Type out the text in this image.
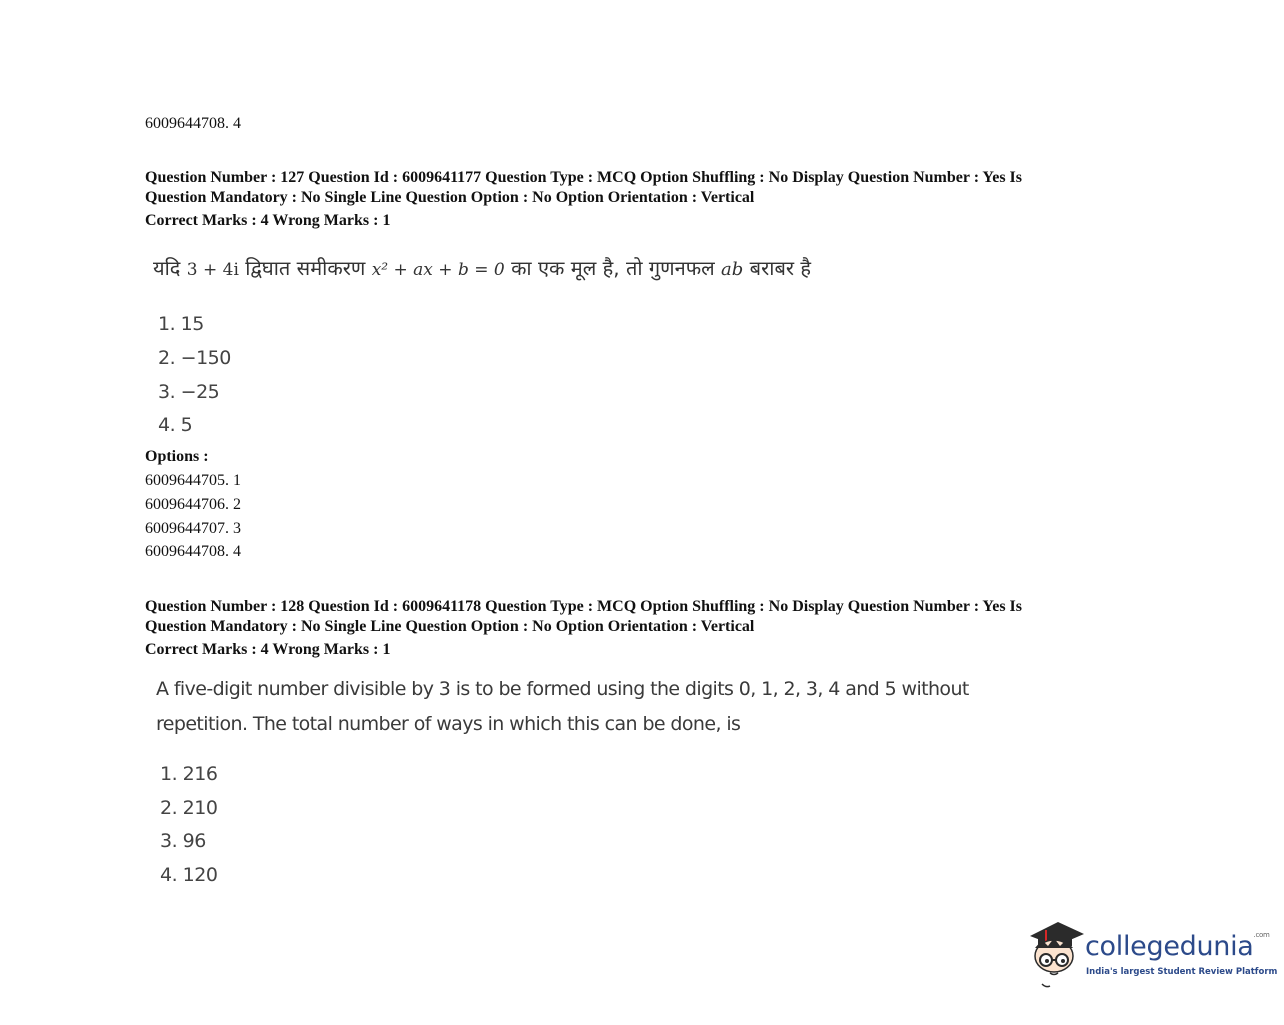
6009644708. 4
Question Number : 127 Question Id : 6009641177 Question Type : MCQ Option Shuffling : No Display Question Number : Yes Is
Question Mandatory : No Single Line Question Option : No Option Orientation : Vertical
Correct Marks : 4 Wrong Marks : 1
यदि 3 + 4i द्विघात समीकरण x² + ax + b = 0 का एक मूल है, तो गुणनफल ab बराबर है
1. 15
2. −150
3. −25
4. 5
Options :
6009644705. 1
6009644706. 2
6009644707. 3
6009644708. 4
Question Number : 128 Question Id : 6009641178 Question Type : MCQ Option Shuffling : No Display Question Number : Yes Is
Question Mandatory : No Single Line Question Option : No Option Orientation : Vertical
Correct Marks : 4 Wrong Marks : 1
A five-digit number divisible by 3 is to be formed using the digits 0, 1, 2, 3, 4 and 5 without
repetition. The total number of ways in which this can be done, is
1. 216
2. 210
3. 96
4. 120
collegedunia$^{.com}$
India's largest Student Review Platform
